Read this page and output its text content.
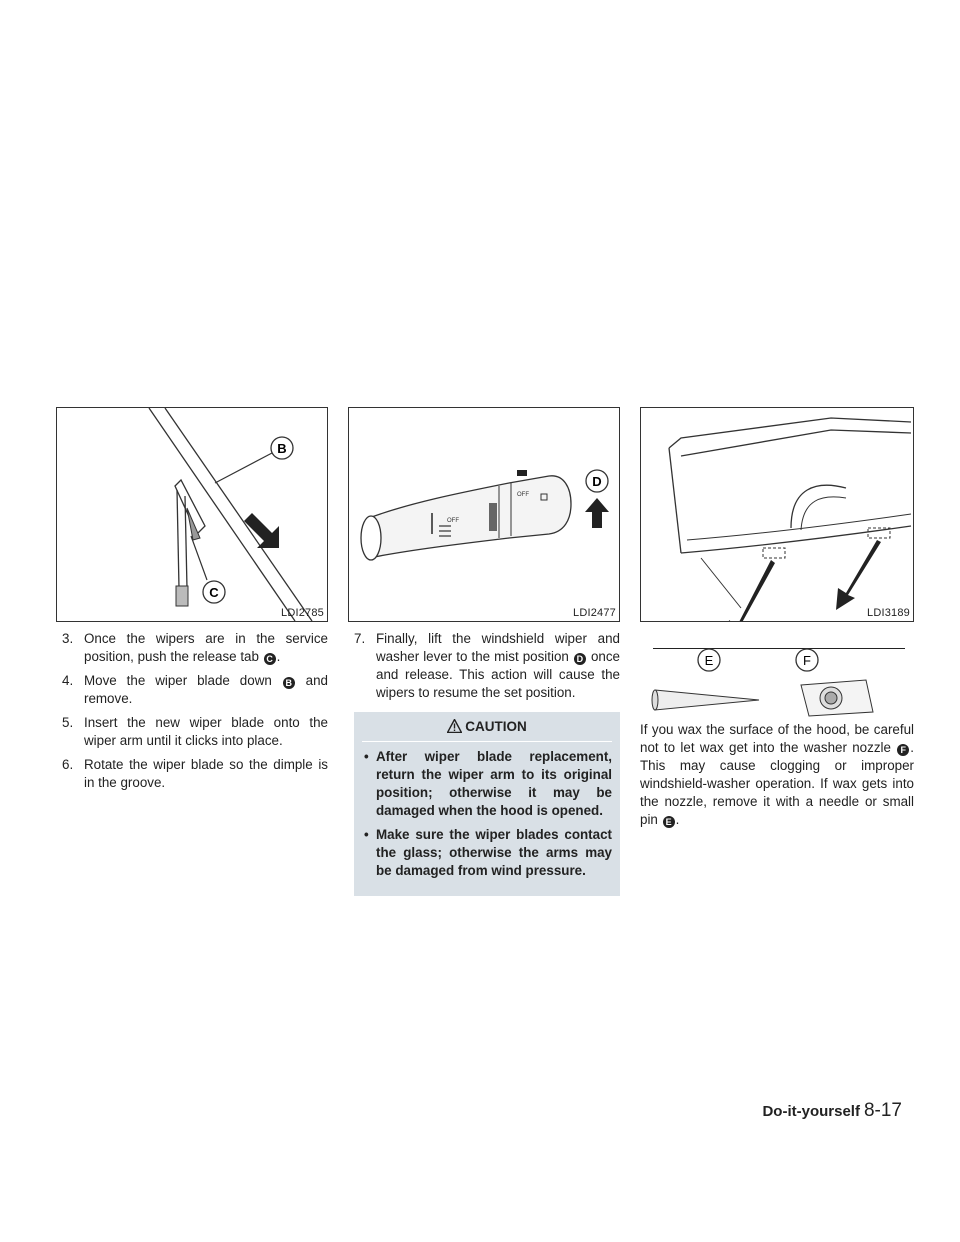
B
C
LDI2785
OFF
OFF
D
LDI2477	LDI3189
E	F
3. Once the wipers are in the service position, push the release tab C .
4. Move the wiper blade down B and remove.
5. Insert the new wiper blade onto the wiper arm until it clicks into place.
6. Rotate the wiper blade so the dimple is in the groove.
7. Finally, lift the windshield wiper and washer lever to the mist position D once and release. This action will cause the wipers to resume the set position.
CAUTION
• After wiper blade replacement, return the wiper arm to its original position; otherwise it may be damaged when the hood is opened.
• Make sure the wiper blades contact the glass; otherwise the arms may be damaged from wind pressure.
If you wax the surface of the hood, be careful not to let wax get into the washer nozzle F . This may cause clogging or improper windshield-washer operation. If wax gets into the nozzle, remove it with a needle or small pin E .
Do-it-yourself 8-17
